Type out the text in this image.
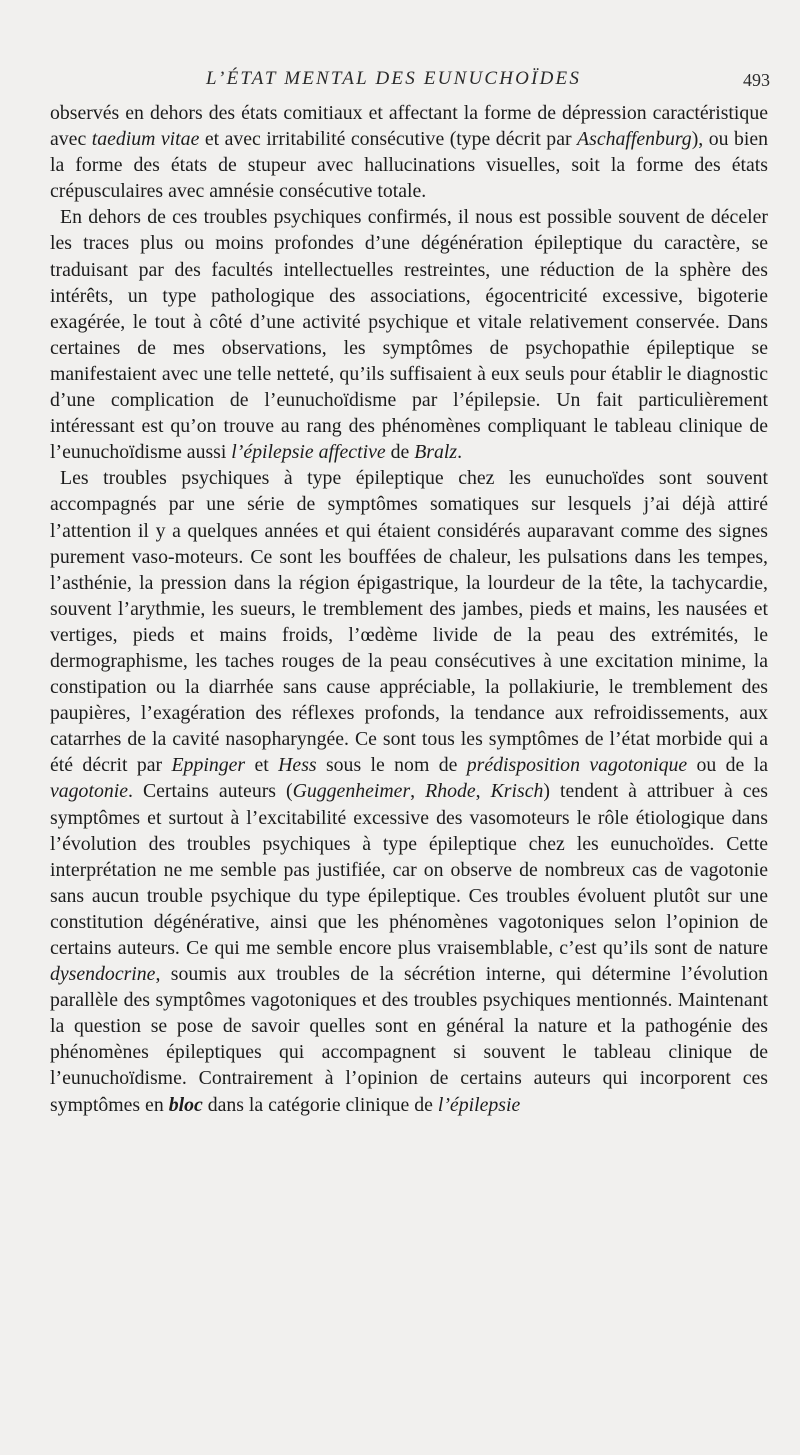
L’ÉTAT MENTAL DES EUNUCHOÏDES	493

observés en dehors des états comitiaux et affectant la forme de dépression caractéristique avec taedium vitae et avec irritabilité consécutive (type décrit par Aschaffenburg), ou bien la forme des états de stupeur avec hallucinations visuelles, soit la forme des états crépusculaires avec amnésie consécutive totale.

En dehors de ces troubles psychiques confirmés, il nous est possible souvent de déceler les traces plus ou moins profondes d’une dégénération épileptique du caractère, se traduisant par des facultés intellectuelles restreintes, une réduction de la sphère des intérêts, un type pathologique des associations, égocentricité excessive, bigoterie exagérée, le tout à côté d’une activité psychique et vitale relativement conservée. Dans certaines de mes observations, les symptômes de psychopathie épileptique se manifestaient avec une telle netteté, qu’ils suffisaient à eux seuls pour établir le diagnostic d’une complication de l’eunuchoïdisme par l’épilepsie. Un fait particulièrement intéressant est qu’on trouve au rang des phénomènes compliquant le tableau clinique de l’eunuchoïdisme aussi l’épilepsie affective de Bralz.

Les troubles psychiques à type épileptique chez les eunuchoïdes sont souvent accompagnés par une série de symptômes somatiques sur lesquels j’ai déjà attiré l’attention il y a quelques années et qui étaient considérés auparavant comme des signes purement vaso-moteurs. Ce sont les bouffées de chaleur, les pulsations dans les tempes, l’asthénie, la pression dans la région épigastrique, la lourdeur de la tête, la tachycardie, souvent l’arythmie, les sueurs, le tremblement des jambes, pieds et mains, les nausées et vertiges, pieds et mains froids, l’œdème livide de la peau des extrémités, le dermographisme, les taches rouges de la peau consécutives à une excitation minime, la constipation ou la diarrhée sans cause appréciable, la pollakiurie, le tremblement des paupières, l’exagération des réflexes profonds, la tendance aux refroidissements, aux catarrhes de la cavité nasopharyngée. Ce sont tous les symptômes de l’état morbide qui a été décrit par Eppinger et Hess sous le nom de prédisposition vagotonique ou de la vagotonie. Certains auteurs (Guggenheimer, Rhode, Krisch) tendent à attribuer à ces symptômes et surtout à l’excitabilité excessive des vasomoteurs le rôle étiologique dans l’évolution des troubles psychiques à type épileptique chez les eunuchoïdes. Cette interprétation ne me semble pas justifiée, car on observe de nombreux cas de vagotonie sans aucun trouble psychique du type épileptique. Ces troubles évoluent plutôt sur une constitution dégénérative, ainsi que les phénomènes vagotoniques selon l’opinion de certains auteurs. Ce qui me semble encore plus vraisemblable, c’est qu’ils sont de nature dysendocrine, soumis aux troubles de la sécrétion interne, qui détermine l’évolution parallèle des symptômes vagotoniques et des troubles psychiques mentionnés. Maintenant la question se pose de savoir quelles sont en général la nature et la pathogénie des phénomènes épileptiques qui accompagnent si souvent le tableau clinique de l’eunuchoïdisme. Contrairement à l’opinion de certains auteurs qui incorporent ces symptômes en bloc dans la catégorie clinique de l’épilepsie
